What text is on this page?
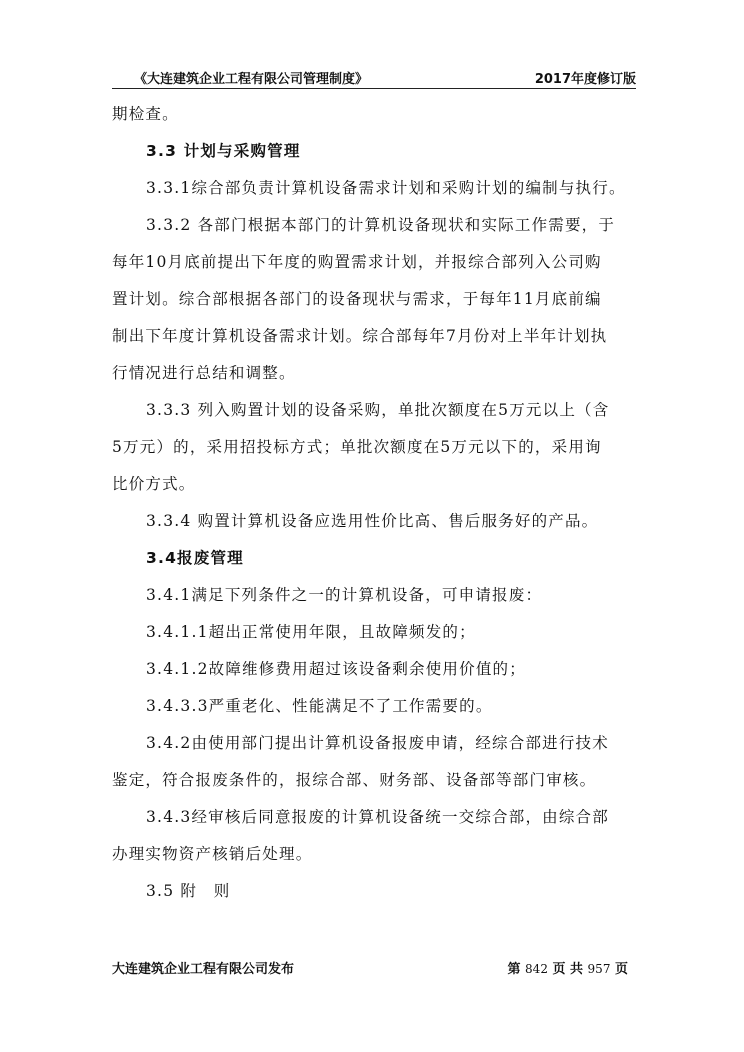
《大连建筑企业工程有限公司管理制度》	2017年度修订版
期检查。
3.3 计划与采购管理
3.3.1综合部负责计算机设备需求计划和采购计划的编制与执行。
3.3.2 各部门根据本部门的计算机设备现状和实际工作需要，于
每年10月底前提出下年度的购置需求计划，并报综合部列入公司购
置计划。综合部根据各部门的设备现状与需求，于每年11月底前编
制出下年度计算机设备需求计划。综合部每年7月份对上半年计划执
行情况进行总结和调整。
3.3.3 列入购置计划的设备采购，单批次额度在5万元以上（含
5万元）的，采用招投标方式；单批次额度在5万元以下的，采用询
比价方式。
3.3.4 购置计算机设备应选用性价比高、售后服务好的产品。
3.4报废管理
3.4.1满足下列条件之一的计算机设备，可申请报废：
3.4.1.1超出正常使用年限，且故障频发的；
3.4.1.2故障维修费用超过该设备剩余使用价值的；
3.4.3.3严重老化、性能满足不了工作需要的。
3.4.2由使用部门提出计算机设备报废申请，经综合部进行技术
鉴定，符合报废条件的，报综合部、财务部、设备部等部门审核。
3.4.3经审核后同意报废的计算机设备统一交综合部，由综合部
办理实物资产核销后处理。
3.5 附　则
大连建筑企业工程有限公司发布	第 842 页 共 957 页
